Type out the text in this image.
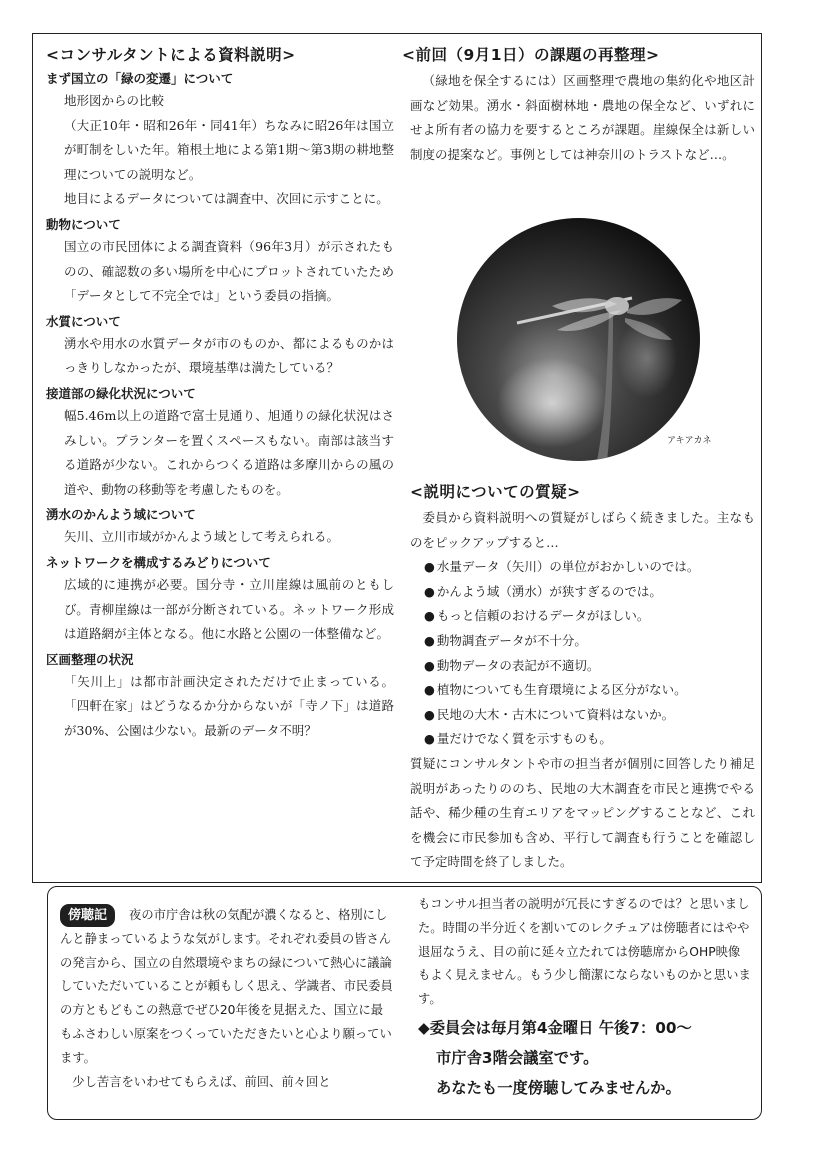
<コンサルタントによる資料説明>
まず国立の「緑の変遷」について

地形図からの比較

（大正10年・昭和26年・同41年）ちなみに昭26年は国立が町制をしいた年。箱根土地による第1期～第3期の耕地整理についての説明など。

地目によるデータについては調査中、次回に示すことに。

動物について

国立の市民団体による調査資料（96年3月）が示されたものの、確認数の多い場所を中心にプロットされていたため「データとして不完全では」という委員の指摘。

水質について

湧水や用水の水質データが市のものか、都によるものかはっきりしなかったが、環境基準は満たしている？

接道部の緑化状況について

幅5.46m以上の道路で富士見通り、旭通りの緑化状況はさみしい。プランターを置くスペースもない。南部は該当する道路が少ない。これからつくる道路は多摩川からの風の道や、動物の移動等を考慮したものを。

湧水のかんよう域について

矢川、立川市域がかんよう域として考えられる。

ネットワークを構成するみどりについて

広域的に連携が必要。国分寺・立川崖線は風前のともしび。青柳崖線は一部が分断されている。ネットワーク形成は道路網が主体となる。他に水路と公園の一体整備など。

区画整理の状況

「矢川上」は都市計画決定されただけで止まっている。「四軒在家」はどうなるか分からないが「寺ノ下」は道路が30%、公園は少ない。最新のデータ不明？

<前回（9月1日）の課題の再整理>

（緑地を保全するには）区画整理で農地の集約化や地区計画など効果。湧水・斜面樹林地・農地の保全など、いずれにせよ所有者の協力を要するところが課題。崖線保全は新しい制度の提案など。事例としては神奈川のトラストなど…。

アキアカネ
<説明についての質疑>

委員から資料説明への質疑がしばらく続きました。主なものをピックアップすると…

● 水量データ（矢川）の単位がおかしいのでは。
● かんよう域（湧水）が狭すぎるのでは。
● もっと信頼のおけるデータがほしい。
● 動物調査データが不十分。
● 動物データの表記が不適切。
● 植物についても生育環境による区分がない。
● 民地の大木・古木について資料はないか。
● 量だけでなく質を示すものも。

質疑にコンサルタントや市の担当者が個別に回答したり補足説明があったりののち、民地の大木調査を市民と連携でやる話や、稀少種の生育エリアをマッピングすることなど、これを機会に市民参加も含め、平行して調査も行うことを確認して予定時間を終了しました。

傍聴記 夜の市庁舎は秋の気配が濃くなると、格別にしんと静まっているような気がします。それぞれ委員の皆さんの発言から、国立の自然環境やまちの緑について熱心に議論していただいていることが頼もしく思え、学識者、市民委員の方ともどもこの熱意でぜひ20年後を見据えた、国立に最もふさわしい原案をつくっていただきたいと心より願っています。
少し苦言をいわせてもらえば、前回、前々回と
もコンサル担当者の説明が冗長にすぎるのでは？と思いました。時間の半分近くを割いてのレクチュアは傍聴者にはやや退屈なうえ、目の前に延々立たれては傍聴席からOHP映像もよく見えません。もう少し簡潔にならないものかと思います。
◆委員会は毎月第4金曜日 午後7：00～
市庁舎3階会議室です。
あなたも一度傍聴してみませんか。
